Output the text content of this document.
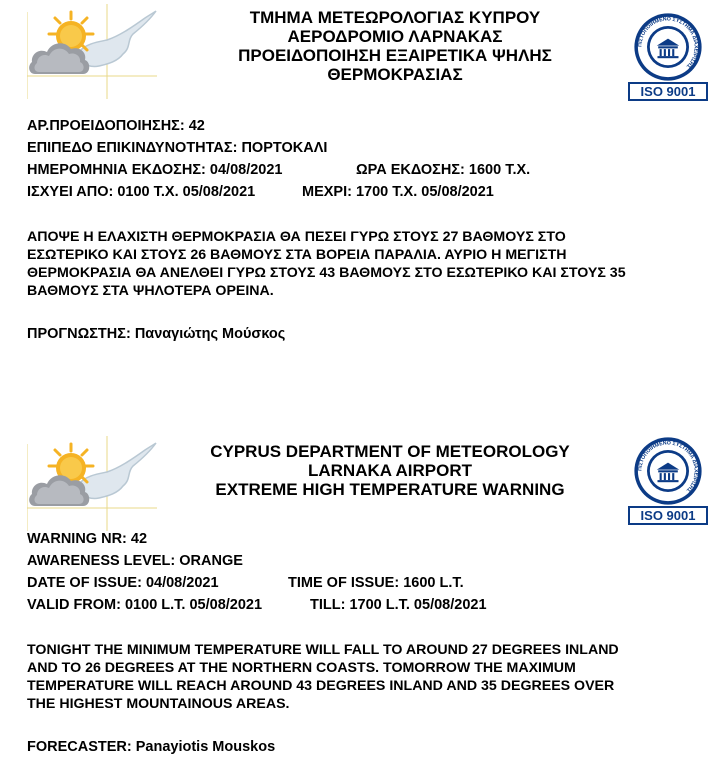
ΤΜΗΜΑ ΜΕΤΕΩΡΟΛΟΓΙΑΣ ΚΥΠΡΟΥ
ΑΕΡΟΔΡΟΜΙΟ ΛΑΡΝΑΚΑΣ
ΠΡΟΕΙΔΟΠΟΙΗΣΗ ΕΞΑΙΡΕΤΙΚΑ ΨΗΛΗΣ
ΘΕΡΜΟΚΡΑΣΙΑΣ
ΠΙΣΤΟΠΟΙΗΜΕΝΟ ΣΥΣΤΗΜΑ ΔΙΑΧΕΙΡΙΣΗΣ
ISO 9001
ΑΡ.ΠΡΟΕΙΔΟΠΟΙΗΣΗΣ: 42
ΕΠΙΠΕΔΟ ΕΠΙΚΙΝΔΥΝΟΤΗΤΑΣ: ΠΟΡΤΟΚΑΛΙ
ΗΜΕΡΟΜΗΝΙΑ ΕΚΔΟΣΗΣ: 04/08/2021	ΩΡΑ ΕΚΔΟΣΗΣ: 1600 Τ.Χ.
ΙΣΧΥΕΙ ΑΠΟ: 0100 Τ.Χ. 05/08/2021	ΜΕΧΡΙ: 1700 Τ.Χ. 05/08/2021
ΑΠΟΨΕ Η ΕΛΑΧΙΣΤΗ ΘΕΡΜΟΚΡΑΣΙΑ ΘΑ ΠΕΣΕΙ ΓΥΡΩ ΣΤΟΥΣ 27 ΒΑΘΜΟΥΣ ΣΤΟ
ΕΣΩΤΕΡΙΚΟ ΚΑΙ ΣΤΟΥΣ 26 ΒΑΘΜΟΥΣ ΣΤΑ ΒΟΡΕΙΑ ΠΑΡΑΛΙΑ. ΑΥΡΙΟ Η ΜΕΓΙΣΤΗ
ΘΕΡΜΟΚΡΑΣΙΑ ΘΑ ΑΝΕΛΘΕΙ ΓΥΡΩ ΣΤΟΥΣ 43 ΒΑΘΜΟΥΣ ΣΤΟ ΕΣΩΤΕΡΙΚΟ ΚΑΙ ΣΤΟΥΣ 35
ΒΑΘΜΟΥΣ ΣΤΑ ΨΗΛΟΤΕΡΑ ΟΡΕΙΝΑ.
ΠΡΟΓΝΩΣΤΗΣ: Παναγιώτης Μούσκος
CYPRUS DEPARTMENT OF METEOROLOGY
LARNAKA AIRPORT
EXTREME HIGH TEMPERATURE WARNING
ΠΙΣΤΟΠΟΙΗΜΕΝΟ ΣΥΣΤΗΜΑ ΔΙΑΧΕΙΡΙΣΗΣ
ISO 9001
WARNING NR: 42
AWARENESS LEVEL: ORANGE
DATE OF ISSUE: 04/08/2021	TIME OF ISSUE: 1600 L.T.
VALID FROM: 0100 L.T. 05/08/2021	TILL: 1700 L.T. 05/08/2021
TONIGHT THE MINIMUM TEMPERATURE WILL FALL TO AROUND 27 DEGREES INLAND
AND TO 26 DEGREES AT THE NORTHERN COASTS. TOMORROW THE MAXIMUM
TEMPERATURE WILL REACH AROUND 43 DEGREES INLAND AND 35 DEGREES OVER
THE HIGHEST MOUNTAINOUS AREAS.
FORECASTER: Panayiotis Mouskos
